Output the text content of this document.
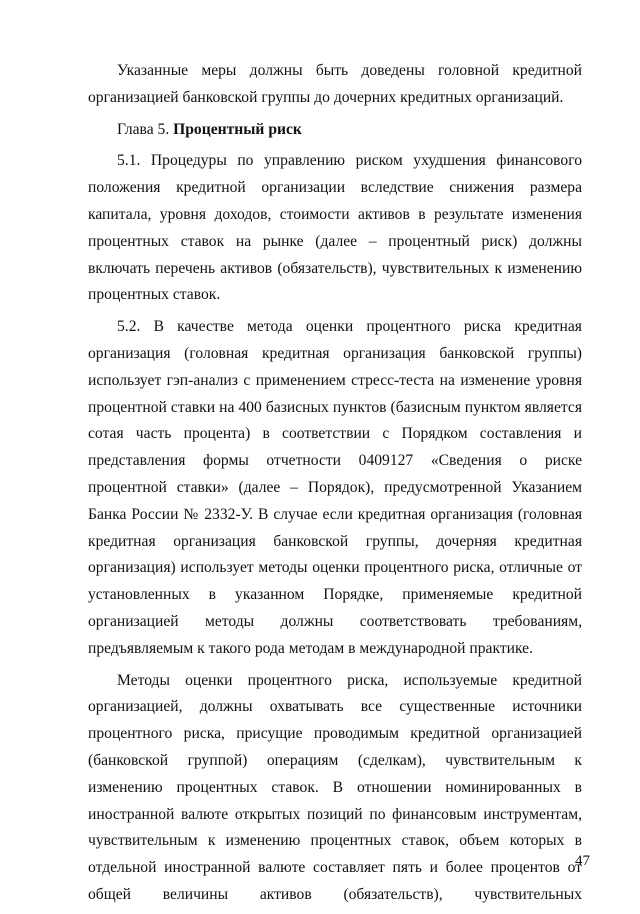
Указанные меры должны быть доведены головной кредитной организацией банковской группы до дочерних кредитных организаций.

Глава 5. Процентный риск

5.1. Процедуры по управлению риском ухудшения финансового положения кредитной организации вследствие снижения размера капитала, уровня доходов, стоимости активов в результате изменения процентных ставок на рынке (далее – процентный риск) должны включать перечень активов (обязательств), чувствительных к изменению процентных ставок.

5.2. В качестве метода оценки процентного риска кредитная организация (головная кредитная организация банковской группы) использует гэп-анализ с применением стресс-теста на изменение уровня процентной ставки на 400 базисных пунктов (базисным пунктом является сотая часть процента) в соответствии с Порядком составления и представления формы отчетности 0409127 «Сведения о риске процентной ставки» (далее – Порядок), предусмотренной Указанием Банка России № 2332-У. В случае если кредитная организация (головная кредитная организация банковской группы, дочерняя кредитная организация) использует методы оценки процентного риска, отличные от установленных в указанном Порядке, применяемые кредитной организацией методы должны соответствовать требованиям, предъявляемым к такого рода методам в международной практике.

Методы оценки процентного риска, используемые кредитной организацией, должны охватывать все существенные источники процентного риска, присущие проводимым кредитной организацией (банковской группой) операциям (сделкам), чувствительным к изменению процентных ставок. В отношении номинированных в иностранной валюте открытых позиций по финансовым инструментам, чувствительным к изменению процентных ставок, объем которых в отдельной иностранной валюте составляет пять и более процентов от общей величины активов (обязательств), чувствительных

47
